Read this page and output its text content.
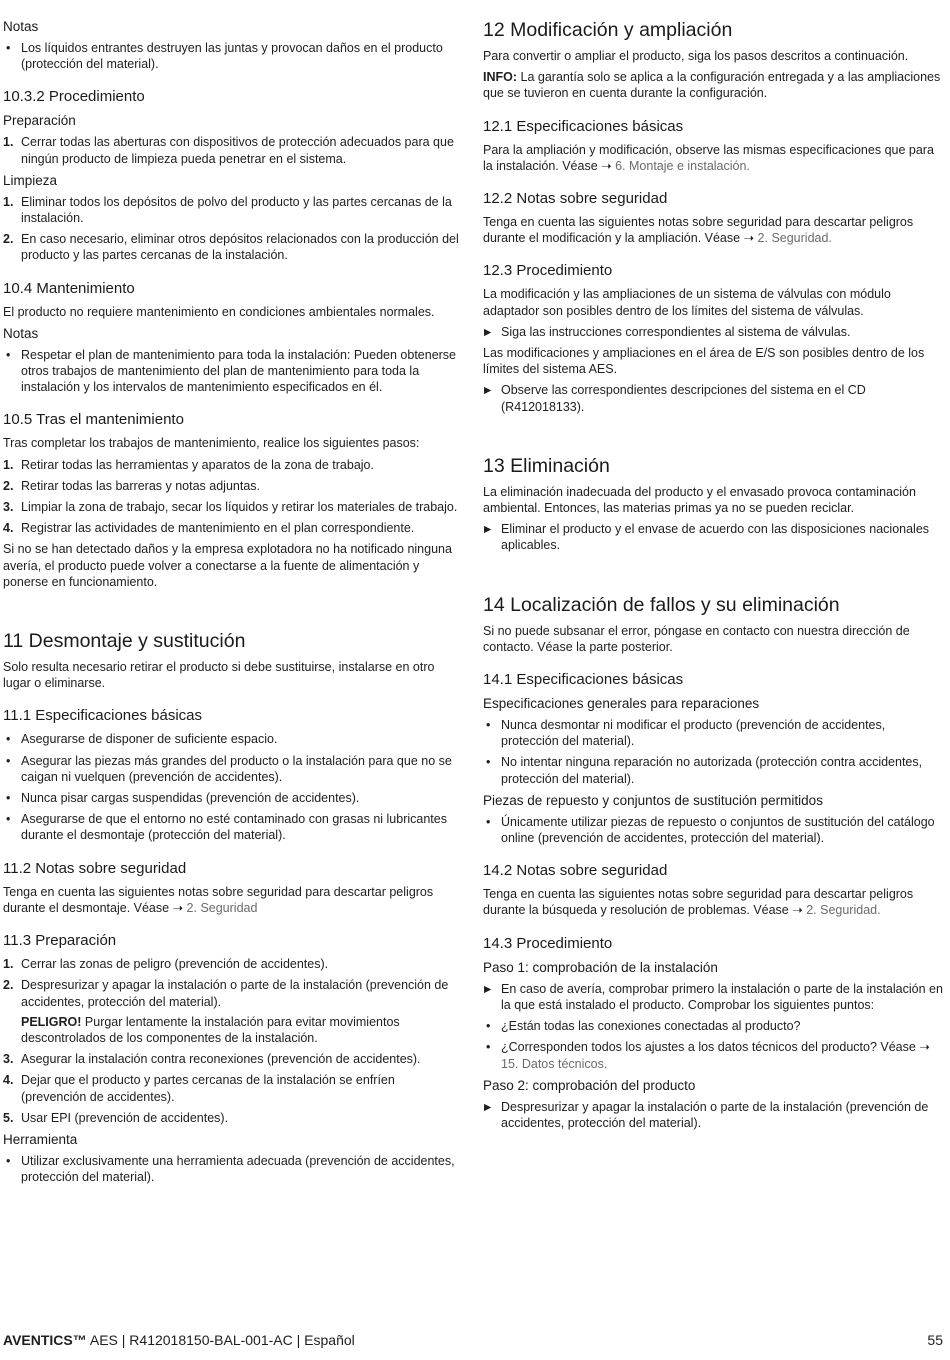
Notas
• Los líquidos entrantes destruyen las juntas y provocan daños en el producto (protección del material).
10.3.2 Procedimiento
Preparación
1. Cerrar todas las aberturas con dispositivos de protección adecuados para que ningún producto de limpieza pueda penetrar en el sistema.
Limpieza
1. Eliminar todos los depósitos de polvo del producto y las partes cercanas de la instalación.
2. En caso necesario, eliminar otros depósitos relacionados con la producción del producto y las partes cercanas de la instalación.
10.4 Mantenimiento

El producto no requiere mantenimiento en condiciones ambientales normales.

Notas
• Respetar el plan de mantenimiento para toda la instalación: Pueden obtenerse otros trabajos de mantenimiento del plan de mantenimiento para toda la instalación y los intervalos de mantenimiento especificados en él.
10.5 Tras el mantenimiento

Tras completar los trabajos de mantenimiento, realice los siguientes pasos:

1. Retirar todas las herramientas y aparatos de la zona de trabajo.
2. Retirar todas las barreras y notas adjuntas.
3. Limpiar la zona de trabajo, secar los líquidos y retirar los materiales de trabajo.
4. Registrar las actividades de mantenimiento en el plan correspondiente.

Si no se han detectado daños y la empresa explotadora no ha notificado ninguna avería, el producto puede volver a conectarse a la fuente de alimentación y ponerse en funcionamiento.

11 Desmontaje y sustitución

Solo resulta necesario retirar el producto si debe sustituirse, instalarse en otro lugar o eliminarse.

11.1 Especificaciones básicas
• Asegurarse de disponer de suficiente espacio.
• Asegurar las piezas más grandes del producto o la instalación para que no se caigan ni vuelquen (prevención de accidentes).
• Nunca pisar cargas suspendidas (prevención de accidentes).
• Asegurarse de que el entorno no esté contaminado con grasas ni lubricantes durante el desmontaje (protección del material).
11.2 Notas sobre seguridad

Tenga en cuenta las siguientes notas sobre seguridad para descartar peligros durante el desmontaje. Véase ➝ 2. Seguridad

11.3 Preparación
1. Cerrar las zonas de peligro (prevención de accidentes).
2. Despresurizar y apagar la instalación o parte de la instalación (prevención de accidentes, protección del material).
PELIGRO! Purgar lentamente la instalación para evitar movimientos descontrolados de los componentes de la instalación.
3. Asegurar la instalación contra reconexiones (prevención de accidentes).
4. Dejar que el producto y partes cercanas de la instalación se enfríen (prevención de accidentes).
5. Usar EPI (prevención de accidentes).
Herramienta
• Utilizar exclusivamente una herramienta adecuada (prevención de accidentes, protección del material).
12 Modificación y ampliación

Para convertir o ampliar el producto, siga los pasos descritos a continuación.

INFO: La garantía solo se aplica a la configuración entregada y a las ampliaciones que se tuvieron en cuenta durante la configuración.

12.1 Especificaciones básicas

Para la ampliación y modificación, observe las mismas especificaciones que para la instalación. Véase ➝ 6. Montaje e instalación.

12.2 Notas sobre seguridad

Tenga en cuenta las siguientes notas sobre seguridad para descartar peligros durante el modificación y la ampliación. Véase ➝ 2. Seguridad.

12.3 Procedimiento

La modificación y las ampliaciones de un sistema de válvulas con módulo adaptador son posibles dentro de los límites del sistema de válvulas.

▶ Siga las instrucciones correspondientes al sistema de válvulas.

Las modificaciones y ampliaciones en el área de E/S son posibles dentro de los límites del sistema AES.

▶ Observe las correspondientes descripciones del sistema en el CD (R412018133).
13 Eliminación

La eliminación inadecuada del producto y el envasado provoca contaminación ambiental. Entonces, las materias primas ya no se pueden reciclar.

▶ Eliminar el producto y el envase de acuerdo con las disposiciones nacionales aplicables.
14 Localización de fallos y su eliminación

Si no puede subsanar el error, póngase en contacto con nuestra dirección de contacto. Véase la parte posterior.

14.1 Especificaciones básicas
Especificaciones generales para reparaciones
• Nunca desmontar ni modificar el producto (prevención de accidentes, protección del material).
• No intentar ninguna reparación no autorizada (protección contra accidentes, protección del material).
Piezas de repuesto y conjuntos de sustitución permitidos
• Únicamente utilizar piezas de repuesto o conjuntos de sustitución del catálogo online (prevención de accidentes, protección del material).
14.2 Notas sobre seguridad

Tenga en cuenta las siguientes notas sobre seguridad para descartar peligros durante la búsqueda y resolución de problemas. Véase ➝ 2. Seguridad.

14.3 Procedimiento
Paso 1: comprobación de la instalación
▶ En caso de avería, comprobar primero la instalación o parte de la instalación en la que está instalado el producto. Comprobar los siguientes puntos:
• ¿Están todas las conexiones conectadas al producto?
• ¿Corresponden todos los ajustes a los datos técnicos del producto? Véase ➝ 15. Datos técnicos.
Paso 2: comprobación del producto
▶ Despresurizar y apagar la instalación o parte de la instalación (prevención de accidentes, protección del material).
AVENTICS™ AES | R412018150-BAL-001-AC | Español	55
